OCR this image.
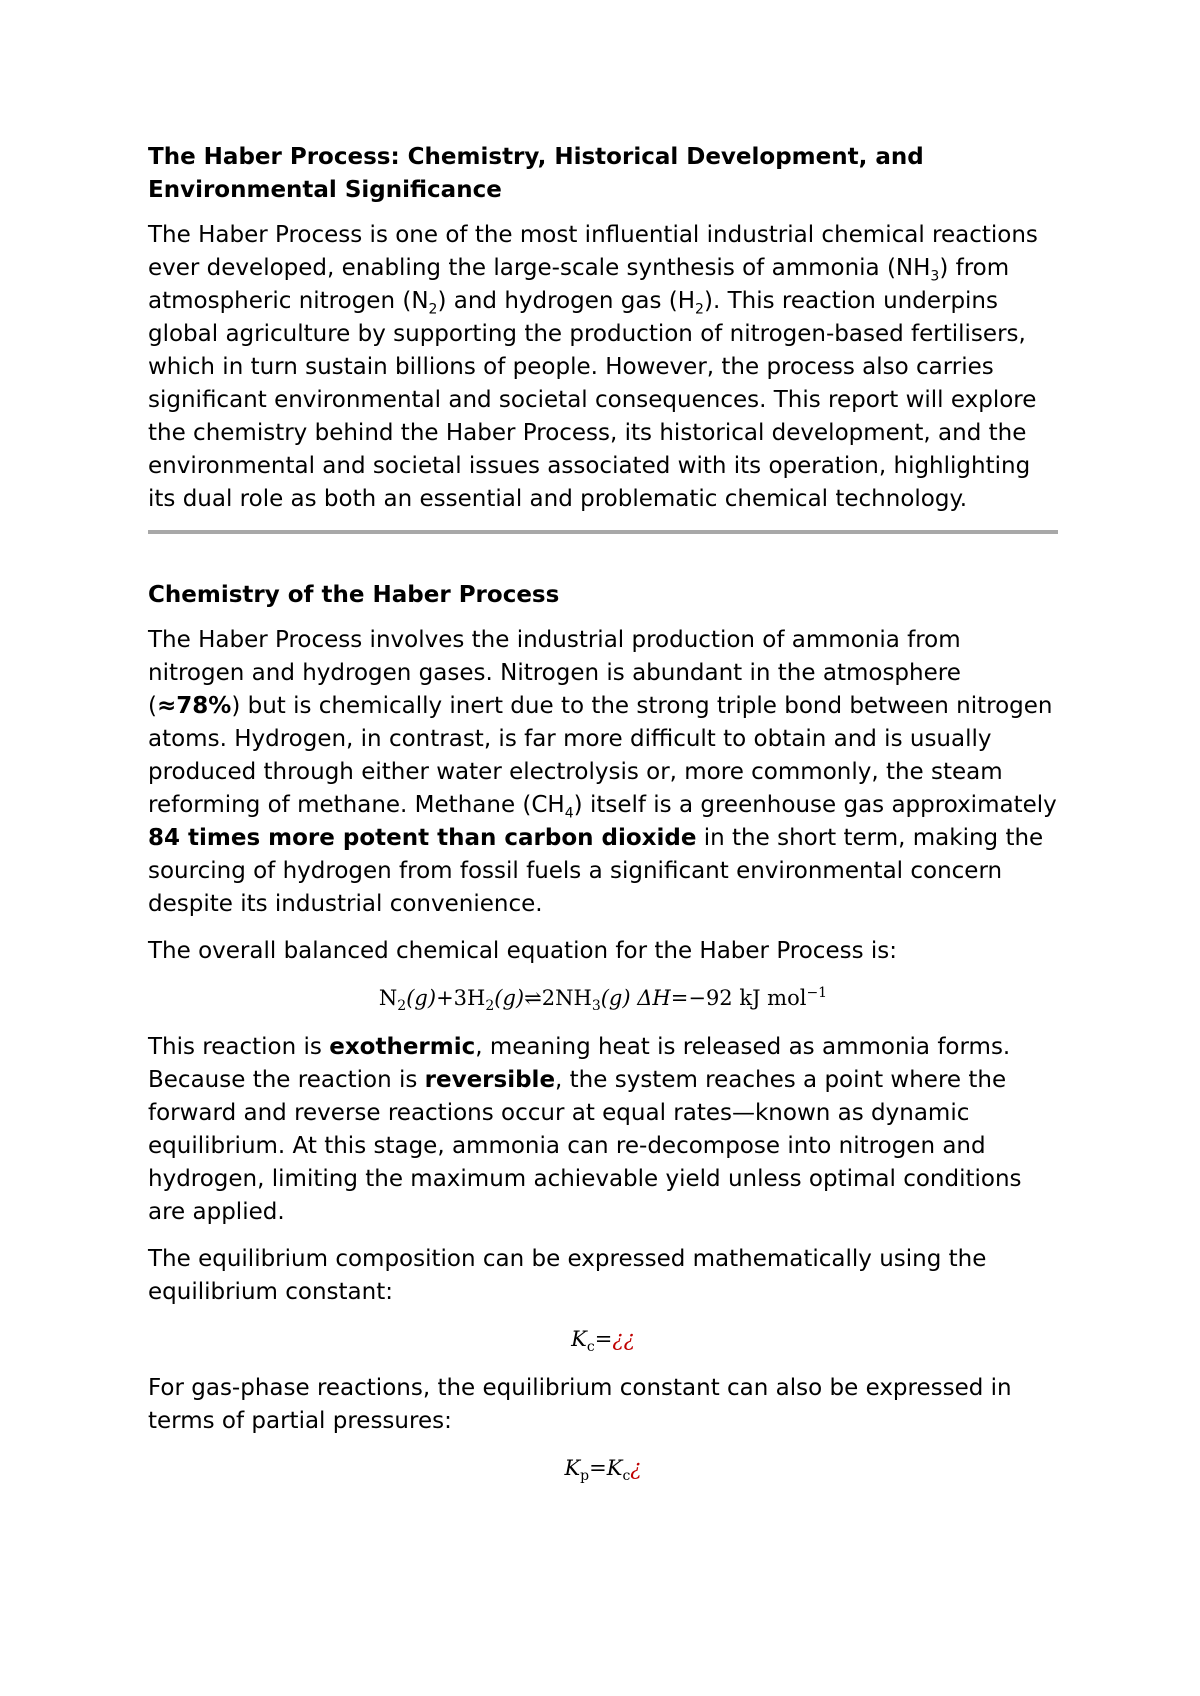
The Haber Process: Chemistry, Historical Development, and Environmental Significance

The Haber Process is one of the most influential industrial chemical reactions ever developed, enabling the large-scale synthesis of ammonia $(NH_3)$ from atmospheric nitrogen $(N_2)$ and hydrogen gas $(H_2)$. This reaction underpins global agriculture by supporting the production of nitrogen-based fertilisers, which in turn sustain billions of people. However, the process also carries significant environmental and societal consequences. This report will explore the chemistry behind the Haber Process, its historical development, and the environmental and societal issues associated with its operation, highlighting its dual role as both an essential and problematic chemical technology.

Chemistry of the Haber Process

The Haber Process involves the industrial production of ammonia from nitrogen and hydrogen gases. Nitrogen is abundant in the atmosphere (≈78%) but is chemically inert due to the strong triple bond between nitrogen atoms. Hydrogen, in contrast, is far more difficult to obtain and is usually produced through either water electrolysis or, more commonly, the steam reforming of methane. Methane $(CH_4)$ itself is a greenhouse gas approximately 84 times more potent than carbon dioxide in the short term, making the sourcing of hydrogen from fossil fuels a significant environmental concern despite its industrial convenience.

The overall balanced chemical equation for the Haber Process is:

$N_2(g)+3H_2(g)\rightleftharpoons 2NH_3(g)$ ΔH=−92 kJ mol$^{-1}$

This reaction is exothermic, meaning heat is released as ammonia forms. Because the reaction is reversible, the system reaches a point where the forward and reverse reactions occur at equal rates—known as dynamic equilibrium. At this stage, ammonia can re-decompose into nitrogen and hydrogen, limiting the maximum achievable yield unless optimal conditions are applied.

The equilibrium composition can be expressed mathematically using the equilibrium constant:

$K_c=¿¿$

For gas-phase reactions, the equilibrium constant can also be expressed in terms of partial pressures:

$K_p=K_c¿$
